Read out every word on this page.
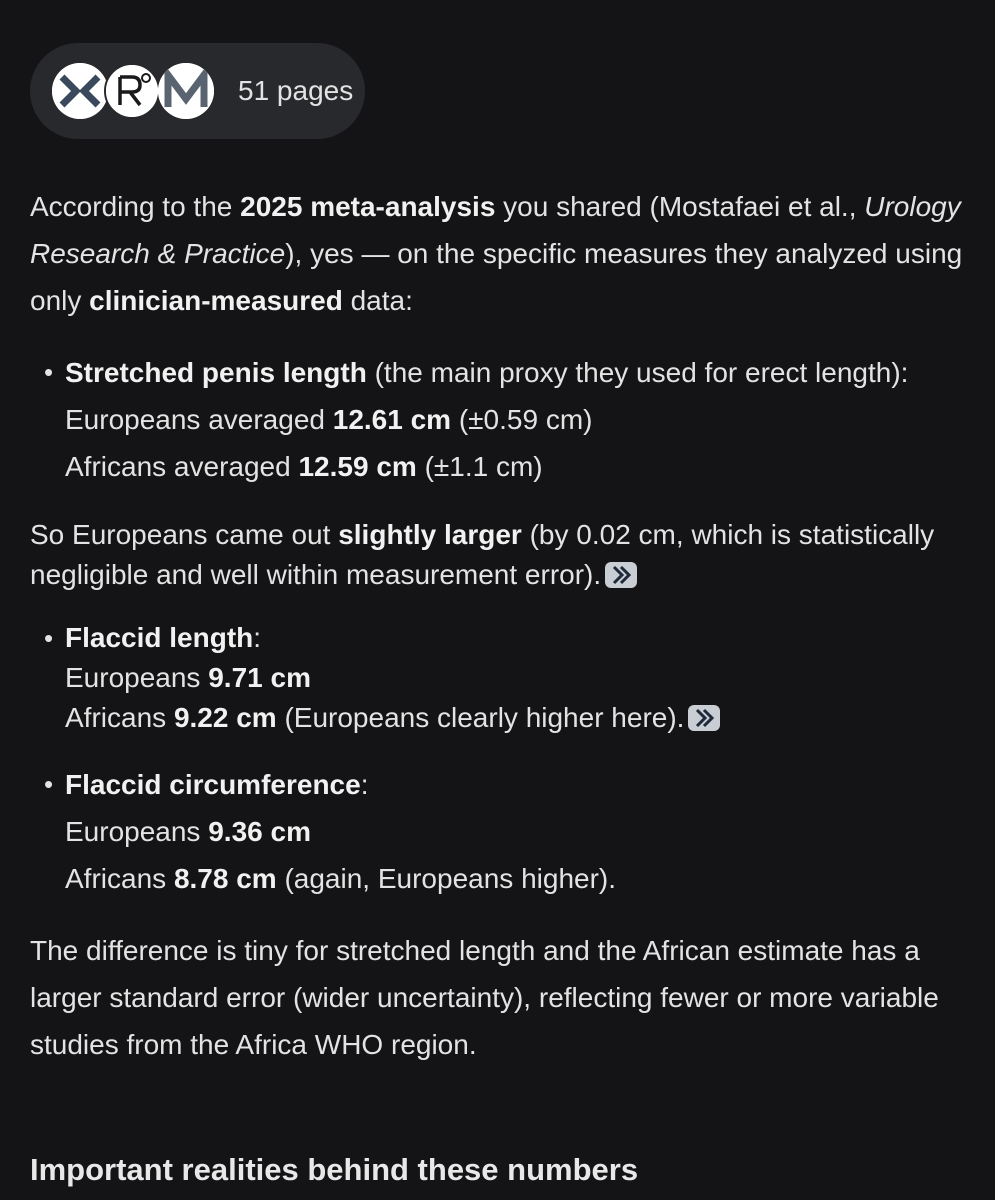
51 pages

According to the 2025 meta-analysis you shared (Mostafaei et al., Urology Research & Practice), yes — on the specific measures they analyzed using only clinician-measured data:

• Stretched penis length (the main proxy they used for erect length):
Europeans averaged 12.61 cm (±0.59 cm)
Africans averaged 12.59 cm (±1.1 cm)

So Europeans came out slightly larger (by 0.02 cm, which is statistically negligible and well within measurement error).

• Flaccid length:
Europeans 9.71 cm
Africans 9.22 cm (Europeans clearly higher here).
• Flaccid circumference:
Europeans 9.36 cm
Africans 8.78 cm (again, Europeans higher).

The difference is tiny for stretched length and the African estimate has a larger standard error (wider uncertainty), reflecting fewer or more variable studies from the Africa WHO region.

Important realities behind these numbers
